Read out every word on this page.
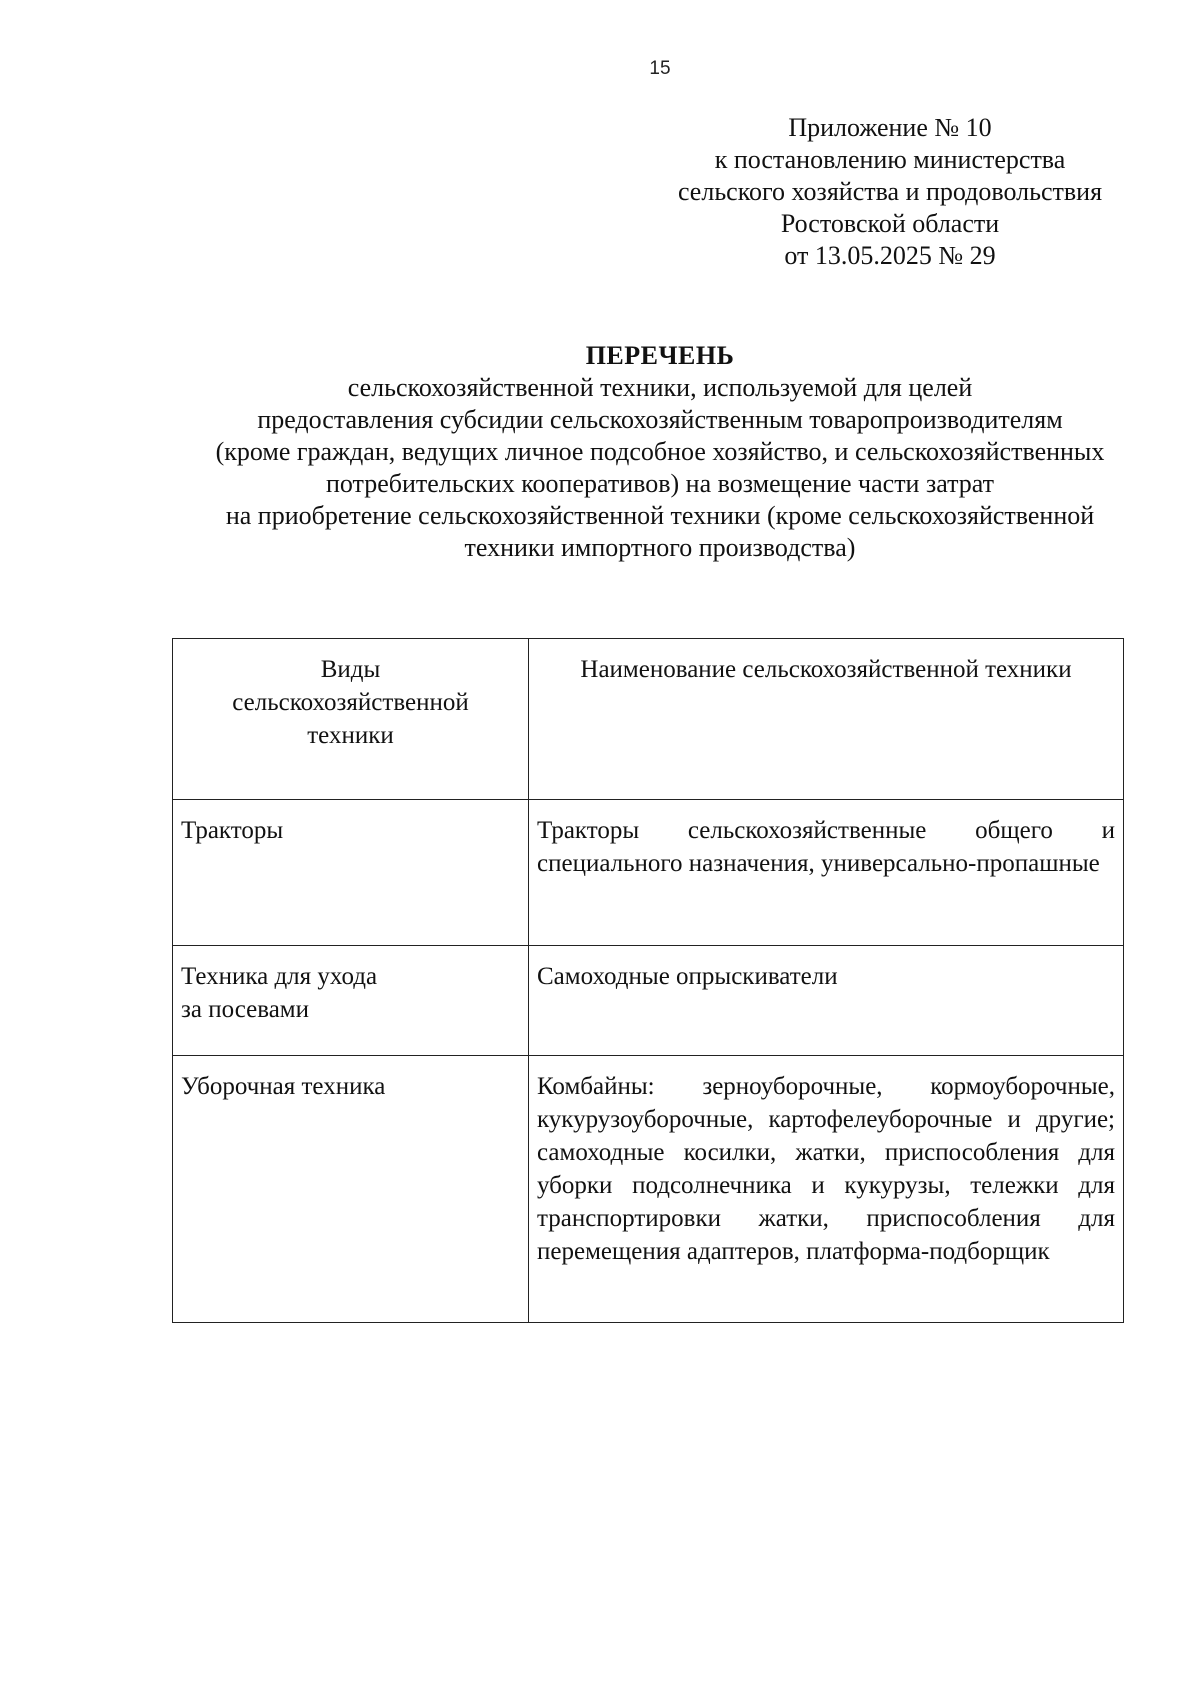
15
Приложение № 10
к постановлению министерства
сельского хозяйства и продовольствия
Ростовской области
от 13.05.2025 № 29
ПЕРЕЧЕНЬ
сельскохозяйственной техники, используемой для целей
предоставления субсидии сельскохозяйственным товаропроизводителям
(кроме граждан, ведущих личное подсобное хозяйство, и сельскохозяйственных
потребительских кооперативов) на возмещение части затрат
на приобретение сельскохозяйственной техники (кроме сельскохозяйственной
техники импортного производства)
Виды
сельскохозяйственной
техники	Наименование сельскохозяйственной техники

Тракторы	Тракторы сельскохозяйственные общего и специального назначения, универсально-пропашные

Техника для ухода
за посевами	Самоходные опрыскиватели

Уборочная техника	Комбайны: зерноуборочные, кормоуборочные, кукурузоуборочные, картофелеуборочные и другие; самоходные косилки, жатки, приспособления для уборки подсолнечника и кукурузы, тележки для транспортировки жатки, приспособления для перемещения адаптеров, платформа-подборщик
